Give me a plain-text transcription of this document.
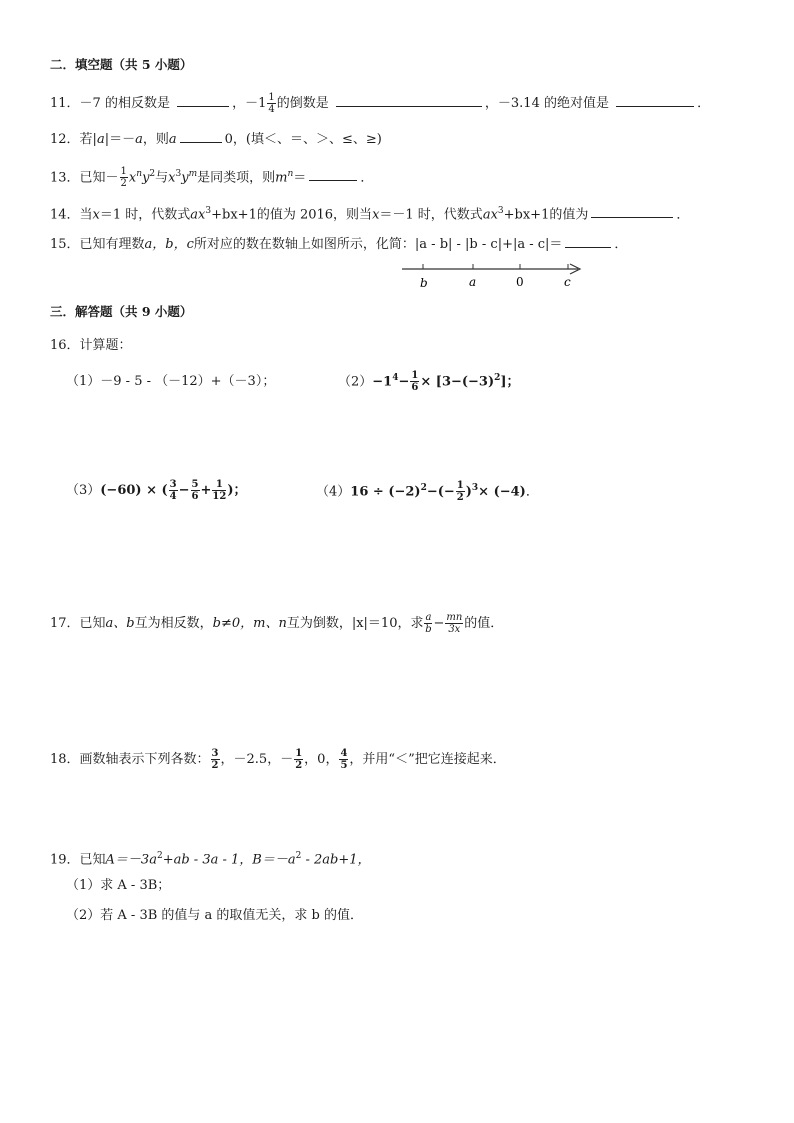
二．填空题（共 5 小题）
11．－7 的相反数是	，$-1 \frac{1}{4}$ 的倒数是	，－3.14 的绝对值是	．
12．若|a|＝－a，则a	0，(填＜、＝、＞、≤、≥)
13．已知－ $\frac{1}{2} x^ny^2$与$x^3y^m$是同类项，则$m^n=$	．
14．当x＝1 时，代数式$ax^3+bx+1$的值为 2016，则当x＝－1 时，代数式$ax^3+bx+1$的值为	．
15．已知有理数a，b，c所对应的数在数轴上如图所示，化简：|a - b| - |b - c|+|a - c|＝	．
b	a	0	c
三．解答题（共 9 小题）
16．计算题：
（1）－9 - 5 - （－12）+（－3）；	$(2)-1^4- \frac{1}{6} \times [3-(-3)^2]$；
（3）(−60) × ( $\frac{3}{4} - \frac{5}{6} + \frac{1}{12}$ )；	$(4)16 \div (-2)^2-(- \frac{1}{2} )^3\times (-4)$．
17．已知a、b互为相反数，b≠0，m、n互为倒数，|x|＝10，求 $\frac{a}{b} - \frac{mn}{3x}$ 的值．
18．画数轴表示下列各数： $\frac{3}{2}$ ，－2.5，－ $\frac{1}{2}$ ，0， $\frac{4}{5}$ ，并用“＜”把它连接起来．
19．已知$A=-3a^2+ab - 3a - 1$，$B=-a^2 - 2ab+1$，
（1）求 A - 3B；
（2）若 A - 3B 的值与 a 的取值无关，求 b 的值．
